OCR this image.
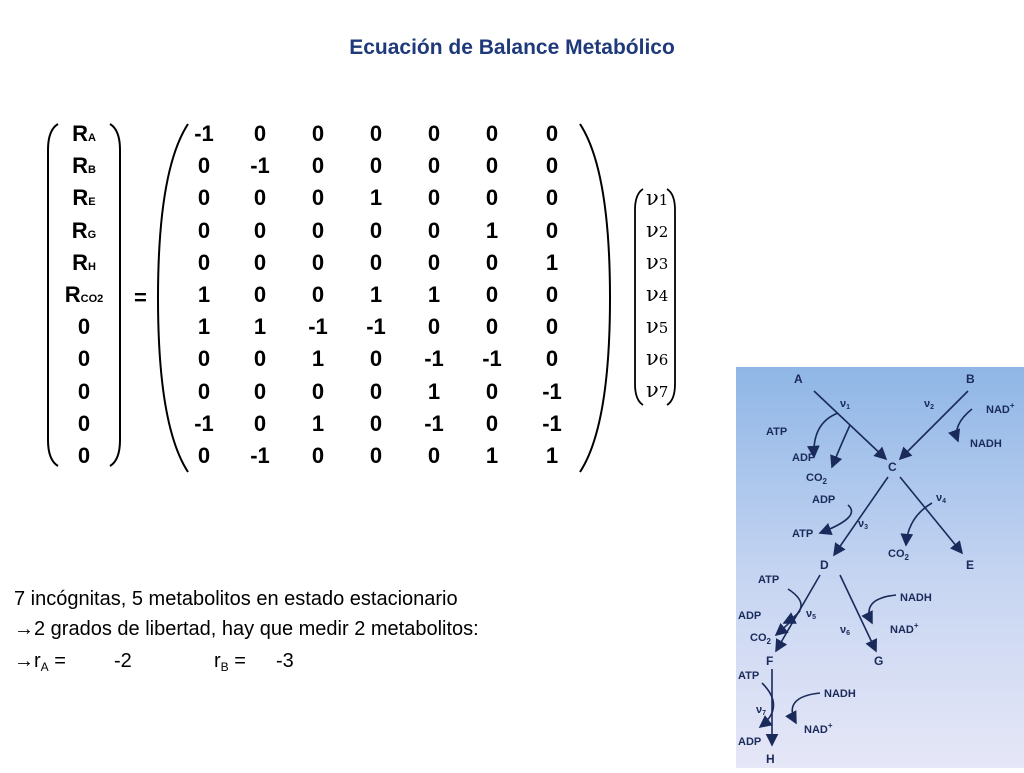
Ecuación de Balance Metabólico
RA
RB
RE
RG
RH
RCO2
0
0
0
0
0
=
-1	0	0	0	0	0	0
0	-1	0	0	0	0	0
0	0	0	1	0	0	0
0	0	0	0	0	1	0
0	0	0	0	0	0	1
1	0	0	1	1	0	0
1	1	-1	-1	0	0	0
0	0	1	0	-1	-1	0
0	0	0	0	1	0	-1
-1	0	1	0	-1	0	-1
0	-1	0	0	0	1	1
ν1
ν2
ν3
ν4
ν5
ν6
ν7
7 incógnitas, 5 metabolitos en estado estacionario
→2 grados de libertad, hay que medir 2 metabolitos:
$\to r_A = -2$	$r_B = -3$
A	B
C
D	E
F	G
H
ATP
ADP
$CO_2$
NAD+
NADH
ADP
ATP
$CO_2$
ATP
ADP
$CO_2$
NADH
NAD+
ATP
NADH
NAD+
ADP
ν1	ν2
ν3
ν4
ν5
ν6
ν7
